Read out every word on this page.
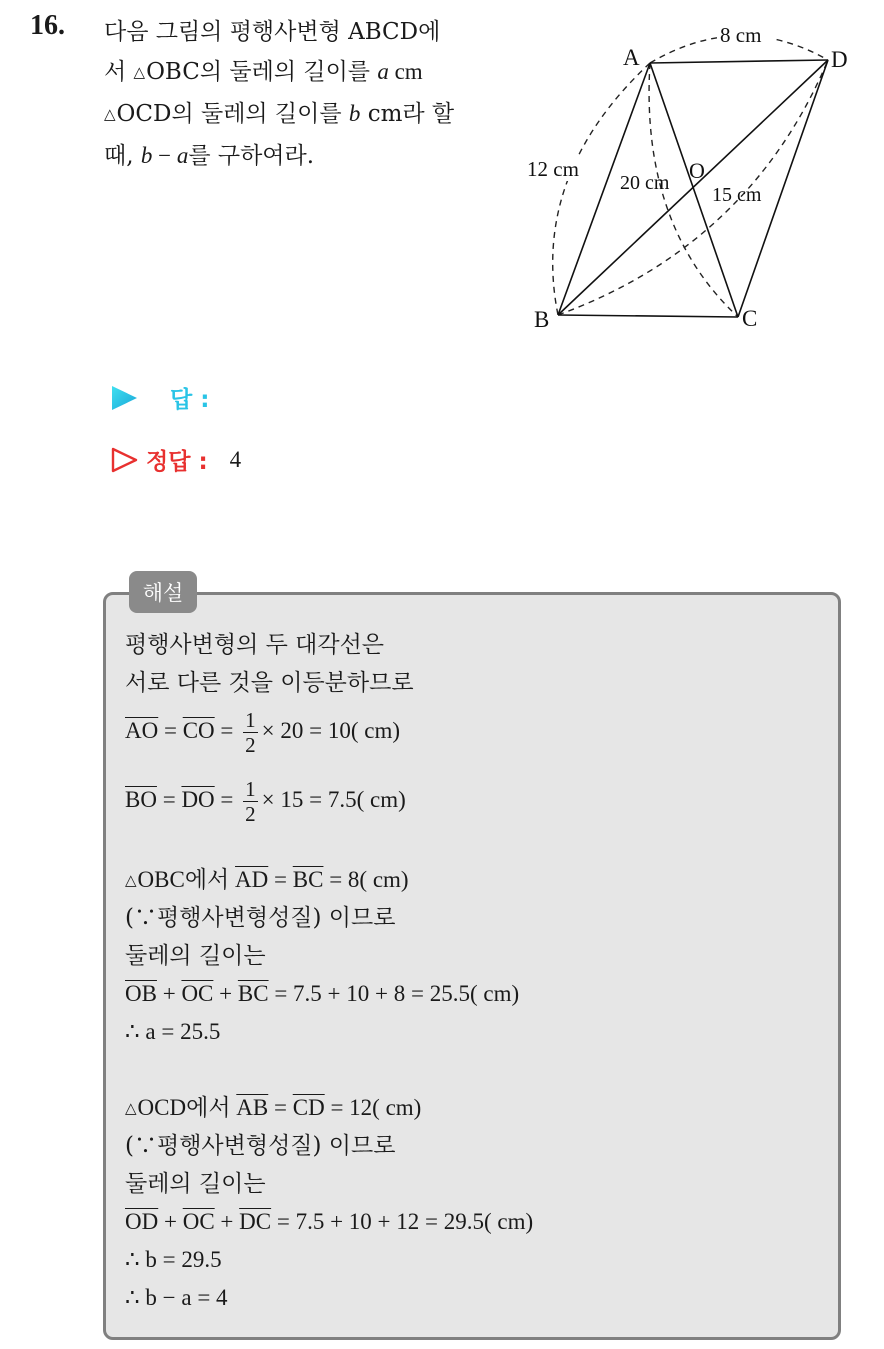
16. 다음 그림의 평행사변형 ABCD에
서 △OBC의 둘레의 길이를 a cm
△OCD의 둘레의 길이를 b cm라 할
때, b − a를 구하여라.
A	D
B	C
O
8 cm
12 cm
20 cm
15 cm
답 :
정답 : 4
해설
평행사변형의 두 대각선은
서로 다른 것을 이등분하므로
$\overline{AO} = \overline{CO} = \frac{1}{2} \times 20 = 10$( cm)
$\overline{BO} = \overline{DO} = \frac{1}{2} \times 15 = 7.5$( cm)
△OBC에서 $\overline{AD} = \overline{BC} = 8$( cm)
(∵평행사변형성질) 이므로
둘레의 길이는
$\overline{OB} + \overline{OC} + \overline{BC} = 7.5 + 10 + 8 = 25.5$( cm)
∴ a = 25.5
△OCD에서 $\overline{AB} = \overline{CD} = 12$( cm)
(∵평행사변형성질) 이므로
둘레의 길이는
$\overline{OD} + \overline{OC} + \overline{DC} = 7.5 + 10 + 12 = 29.5$( cm)
∴ b = 29.5
∴ b − a = 4
